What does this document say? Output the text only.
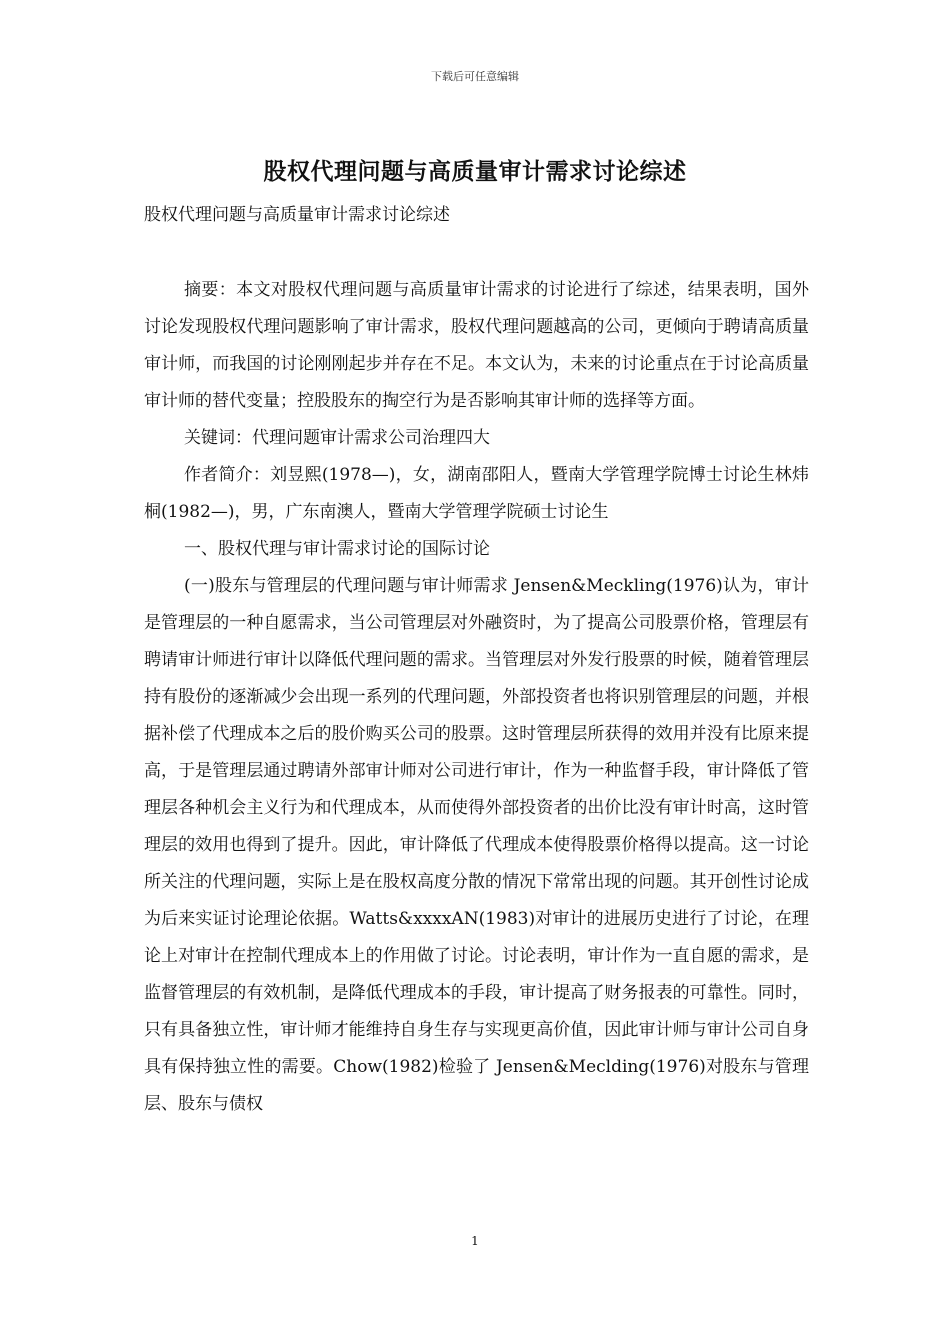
下载后可任意编辑
股权代理问题与高质量审计需求讨论综述
股权代理问题与高质量审计需求讨论综述

摘要：本文对股权代理问题与高质量审计需求的讨论进行了综述，结果表明，国外讨论发现股权代理问题影响了审计需求，股权代理问题越高的公司，更倾向于聘请高质量审计师，而我国的讨论刚刚起步并存在不足。本文认为，未来的讨论重点在于讨论高质量审计师的替代变量；控股股东的掏空行为是否影响其审计师的选择等方面。

关键词：代理问题审计需求公司治理四大

作者简介：刘昱熙(1978—)，女，湖南邵阳人，暨南大学管理学院博士讨论生林炜桐(1982—)，男，广东南澳人，暨南大学管理学院硕士讨论生

一、股权代理与审计需求讨论的国际讨论

(一)股东与管理层的代理问题与审计师需求 Jensen&Meckling(1976)认为，审计是管理层的一种自愿需求，当公司管理层对外融资时，为了提高公司股票价格，管理层有聘请审计师进行审计以降低代理问题的需求。当管理层对外发行股票的时候，随着管理层持有股份的逐渐减少会出现一系列的代理问题，外部投资者也将识别管理层的问题，并根据补偿了代理成本之后的股价购买公司的股票。这时管理层所获得的效用并没有比原来提高，于是管理层通过聘请外部审计师对公司进行审计，作为一种监督手段，审计降低了管理层各种机会主义行为和代理成本，从而使得外部投资者的出价比没有审计时高，这时管理层的效用也得到了提升。因此，审计降低了代理成本使得股票价格得以提高。这一讨论所关注的代理问题，实际上是在股权高度分散的情况下常常出现的问题。其开创性讨论成为后来实证讨论理论依据。Watts&xxxxAN(1983)对审计的进展历史进行了讨论，在理论上对审计在控制代理成本上的作用做了讨论。讨论表明，审计作为一直自愿的需求，是监督管理层的有效机制，是降低代理成本的手段，审计提高了财务报表的可靠性。同时，只有具备独立性，审计师才能维持自身生存与实现更高价值，因此审计师与审计公司自身具有保持独立性的需要。Chow(1982)检验了 Jensen&Meclding(1976)对股东与管理层、股东与债权

1
